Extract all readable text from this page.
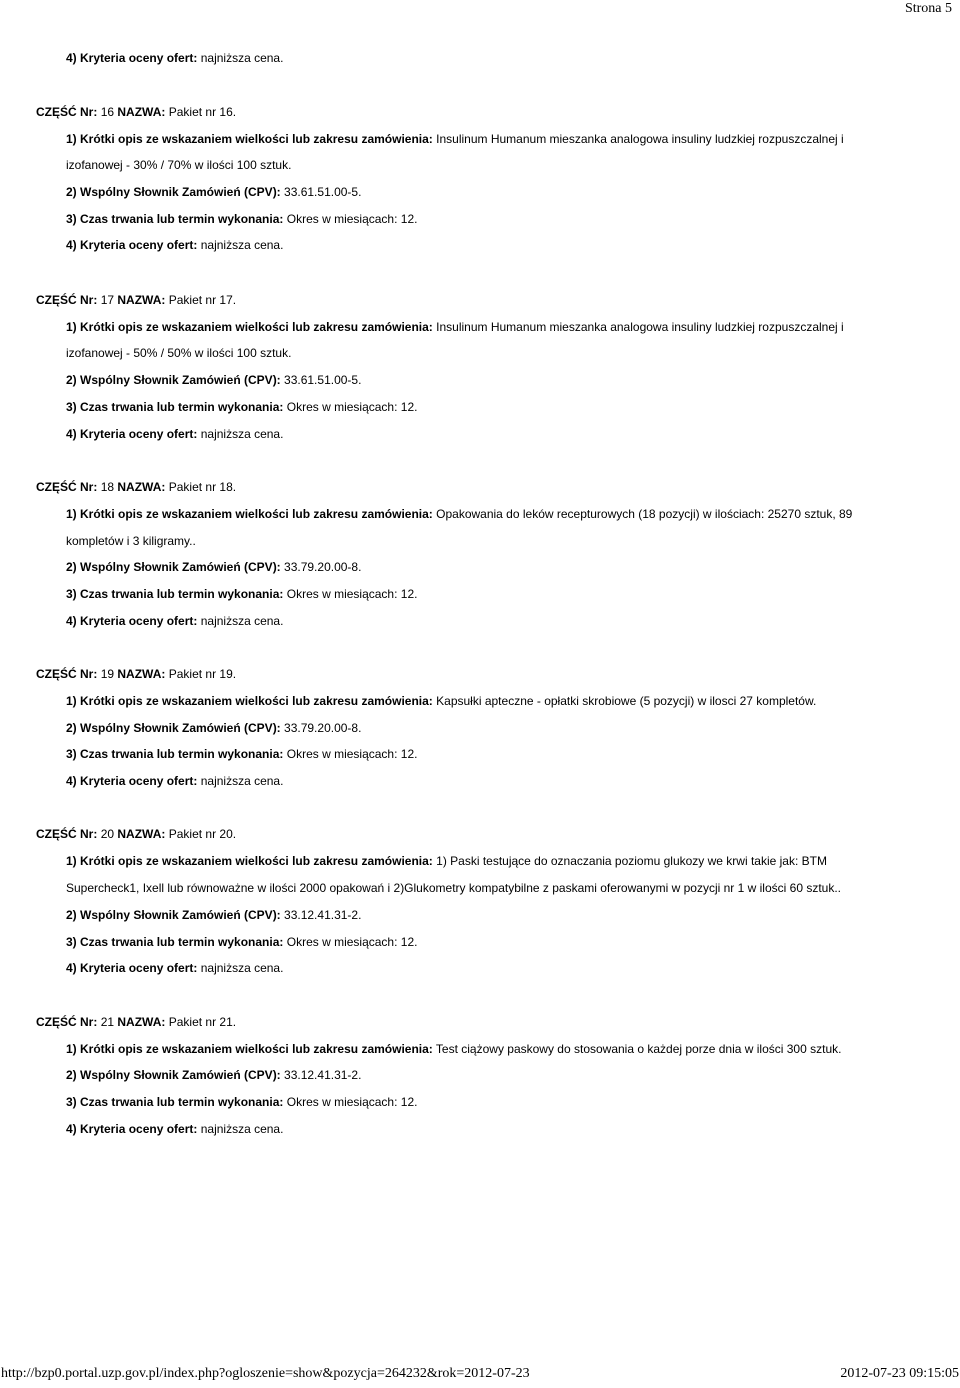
Strona 5
4) Kryteria oceny ofert: najniższa cena.
CZĘŚĆ Nr: 16 NAZWA: Pakiet nr 16.
1) Krótki opis ze wskazaniem wielkości lub zakresu zamówienia: Insulinum Humanum mieszanka analogowa insuliny ludzkiej rozpuszczalnej i
izofanowej - 30% / 70% w ilości 100 sztuk.
2) Wspólny Słownik Zamówień (CPV): 33.61.51.00-5.
3) Czas trwania lub termin wykonania: Okres w miesiącach: 12.
4) Kryteria oceny ofert: najniższa cena.
CZĘŚĆ Nr: 17 NAZWA: Pakiet nr 17.
1) Krótki opis ze wskazaniem wielkości lub zakresu zamówienia: Insulinum Humanum mieszanka analogowa insuliny ludzkiej rozpuszczalnej i
izofanowej - 50% / 50% w ilości 100 sztuk.
2) Wspólny Słownik Zamówień (CPV): 33.61.51.00-5.
3) Czas trwania lub termin wykonania: Okres w miesiącach: 12.
4) Kryteria oceny ofert: najniższa cena.
CZĘŚĆ Nr: 18 NAZWA: Pakiet nr 18.
1) Krótki opis ze wskazaniem wielkości lub zakresu zamówienia: Opakowania do leków recepturowych (18 pozycji) w ilościach: 25270 sztuk, 89
kompletów i 3 kiligramy..
2) Wspólny Słownik Zamówień (CPV): 33.79.20.00-8.
3) Czas trwania lub termin wykonania: Okres w miesiącach: 12.
4) Kryteria oceny ofert: najniższa cena.
CZĘŚĆ Nr: 19 NAZWA: Pakiet nr 19.
1) Krótki opis ze wskazaniem wielkości lub zakresu zamówienia: Kapsułki apteczne - opłatki skrobiowe (5 pozycji) w ilosci 27 kompletów.
2) Wspólny Słownik Zamówień (CPV): 33.79.20.00-8.
3) Czas trwania lub termin wykonania: Okres w miesiącach: 12.
4) Kryteria oceny ofert: najniższa cena.
CZĘŚĆ Nr: 20 NAZWA: Pakiet nr 20.
1) Krótki opis ze wskazaniem wielkości lub zakresu zamówienia: 1) Paski testujące do oznaczania poziomu glukozy we krwi takie jak: BTM
Supercheck1, Ixell lub równoważne w ilości 2000 opakowań i 2)Glukometry kompatybilne z paskami oferowanymi w pozycji nr 1 w ilości 60 sztuk..
2) Wspólny Słownik Zamówień (CPV): 33.12.41.31-2.
3) Czas trwania lub termin wykonania: Okres w miesiącach: 12.
4) Kryteria oceny ofert: najniższa cena.
CZĘŚĆ Nr: 21 NAZWA: Pakiet nr 21.
1) Krótki opis ze wskazaniem wielkości lub zakresu zamówienia: Test ciążowy paskowy do stosowania o każdej porze dnia w ilości 300 sztuk.
2) Wspólny Słownik Zamówień (CPV): 33.12.41.31-2.
3) Czas trwania lub termin wykonania: Okres w miesiącach: 12.
4) Kryteria oceny ofert: najniższa cena.
http://bzp0.portal.uzp.gov.pl/index.php?ogloszenie=show&pozycja=264232&rok=2012-07-23	2012-07-23 09:15:05
